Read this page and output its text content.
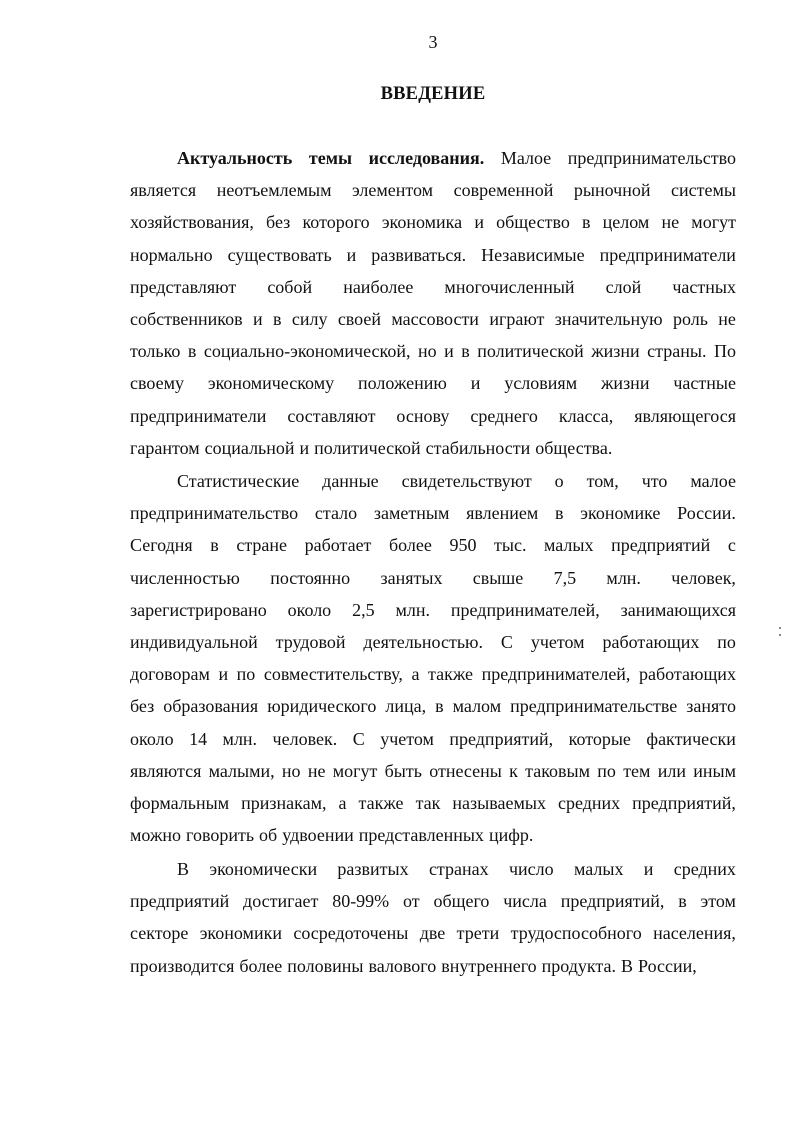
3
ВВЕДЕНИЕ
Актуальность темы исследования. Малое предпринимательство
является неотъемлемым элементом современной рыночной системы
хозяйствования, без которого экономика и общество в целом не могут
нормально существовать и развиваться. Независимые предприниматели
представляют собой наиболее многочисленный слой частных
собственников и в силу своей массовости играют значительную роль не
только в социально-экономической, но и в политической жизни страны. По
своему экономическому положению и условиям жизни частные
предприниматели составляют основу среднего класса, являющегося
гарантом социальной и политической стабильности общества.
Статистические данные свидетельствуют о том, что малое
предпринимательство стало заметным явлением в экономике России.
Сегодня в стране работает более 950 тыс. малых предприятий с
численностью постоянно занятых свыше 7,5 млн. человек,
зарегистрировано около 2,5 млн. предпринимателей, занимающихся
индивидуальной трудовой деятельностью. С учетом работающих по
договорам и по совместительству, а также предпринимателей, работающих
без образования юридического лица, в малом предпринимательстве занято
около 14 млн. человек. С учетом предприятий, которые фактически
являются малыми, но не могут быть отнесены к таковым по тем или иным
формальным признакам, а также так называемых средних предприятий,
можно говорить об удвоении представленных цифр.
В экономически развитых странах число малых и средних
предприятий достигает 80-99% от общего числа предприятий, в этом
секторе экономики сосредоточены две трети трудоспособного населения,
производится более половины валового внутреннего продукта. В России,
